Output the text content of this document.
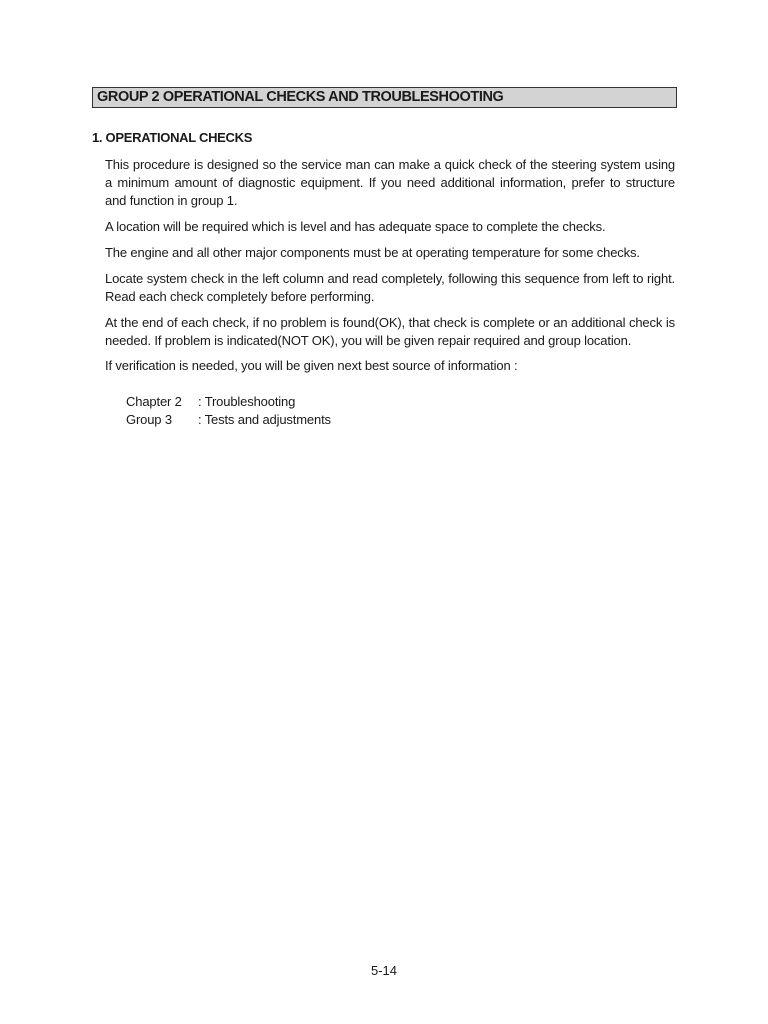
GROUP 2 OPERATIONAL CHECKS AND TROUBLESHOOTING
1. OPERATIONAL CHECKS
This procedure is designed so the service man can make a quick check of the steering system using a minimum amount of diagnostic equipment. If you need additional information, prefer to structure and function in group 1.
A location will be required which is level and has adequate space to complete the checks.
The engine and all other major components must be at operating temperature for some checks.
Locate system check in the left column and read completely, following this sequence from left to right. Read each check completely before performing.
At the end of each check, if no problem is found(OK), that check is complete or an additional check is needed. If problem is indicated(NOT OK), you will be given repair required and group location.
If verification is needed, you will be given next best source of information :
Chapter 2 : Troubleshooting
Group 3 : Tests and adjustments
5-14
